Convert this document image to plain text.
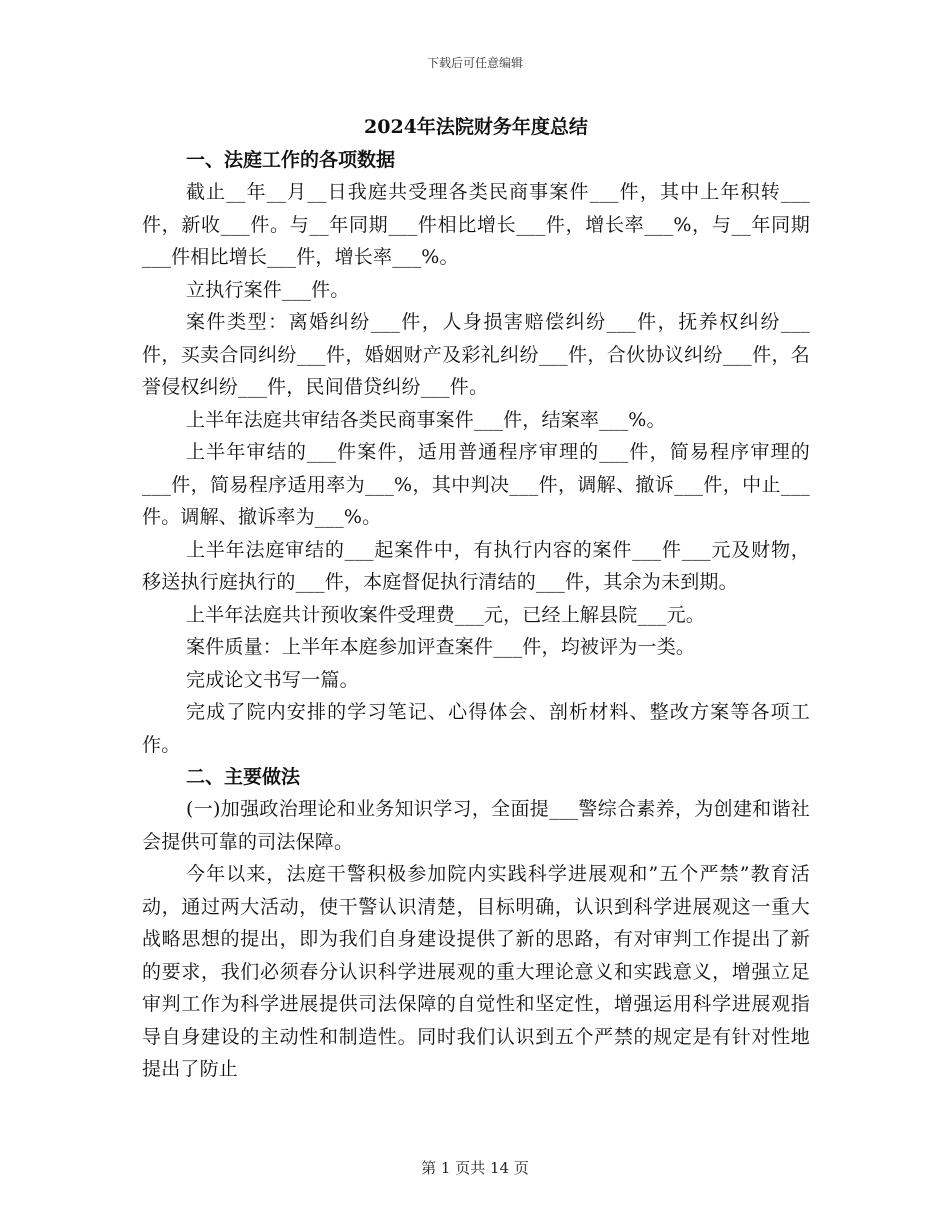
下载后可任意编辑

2024年法院财务年度总结

一、法庭工作的各项数据

截止__年__月__日我庭共受理各类民商事案件___件，其中上年积转___件，新收___件。与__年同期___件相比增长___件，增长率___%，与__年同期___件相比增长___件，增长率___%。

立执行案件___件。

案件类型：离婚纠纷___件，人身损害赔偿纠纷___件，抚养权纠纷___件，买卖合同纠纷___件，婚姻财产及彩礼纠纷___件，合伙协议纠纷___件，名誉侵权纠纷___件，民间借贷纠纷___件。

上半年法庭共审结各类民商事案件___件，结案率___%。

上半年审结的___件案件，适用普通程序审理的___件，简易程序审理的___件，简易程序适用率为___%，其中判决___件，调解、撤诉___件，中止___件。调解、撤诉率为___%。

上半年法庭审结的___起案件中，有执行内容的案件___件___元及财物，移送执行庭执行的___件，本庭督促执行清结的___件，其余为未到期。

上半年法庭共计预收案件受理费___元，已经上解县院___元。

案件质量：上半年本庭参加评查案件___件，均被评为一类。

完成论文书写一篇。

完成了院内安排的学习笔记、心得体会、剖析材料、整改方案等各项工作。

二、主要做法

(一)加强政治理论和业务知识学习，全面提___警综合素养，为创建和谐社会提供可靠的司法保障。

今年以来，法庭干警积极参加院内实践科学进展观和”五个严禁”教育活动，通过两大活动，使干警认识清楚，目标明确，认识到科学进展观这一重大战略思想的提出，即为我们自身建设提供了新的思路，有对审判工作提出了新的要求，我们必须春分认识科学进展观的重大理论意义和实践意义，增强立足审判工作为科学进展提供司法保障的自觉性和坚定性，增强运用科学进展观指导自身建设的主动性和制造性。同时我们认识到五个严禁的规定是有针对性地提出了防止

第 1 页共 14 页
